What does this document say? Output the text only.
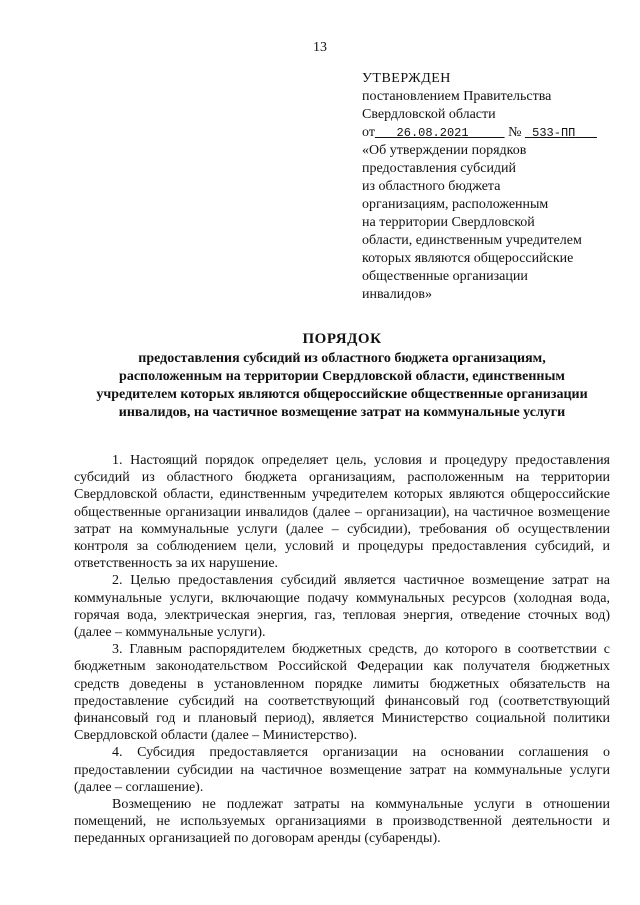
13
УТВЕРЖДЕН
постановлением Правительства
Свердловской области
от 26.08.2021	№ 533-ПП
«Об утверждении порядков
предоставления субсидий
из областного бюджета
организациям, расположенным
на территории Свердловской
области, единственным учредителем
которых являются общероссийские
общественные организации
инвалидов»
ПОРЯДОК
предоставления субсидий из областного бюджета организациям,
расположенным на территории Свердловской области, единственным
учредителем которых являются общероссийские общественные организации
инвалидов, на частичное возмещение затрат на коммунальные услуги

1. Настоящий порядок определяет цель, условия и процедуру предоставления субсидий из областного бюджета организациям, расположенным на территории Свердловской области, единственным учредителем которых являются общероссийские общественные организации инвалидов (далее – организации), на частичное возмещение затрат на коммунальные услуги (далее – субсидии), требования об осуществлении контроля за соблюдением цели, условий и процедуры предоставления субсидий, и ответственность за их нарушение.

2. Целью предоставления субсидий является частичное возмещение затрат на коммунальные услуги, включающие подачу коммунальных ресурсов (холодная вода, горячая вода, электрическая энергия, газ, тепловая энергия, отведение сточных вод) (далее – коммунальные услуги).

3. Главным распорядителем бюджетных средств, до которого в соответствии с бюджетным законодательством Российской Федерации как получателя бюджетных средств доведены в установленном порядке лимиты бюджетных обязательств на предоставление субсидий на соответствующий финансовый год (соответствующий финансовый год и плановый период), является Министерство социальной политики Свердловской области (далее – Министерство).

4. Субсидия предоставляется организации на основании соглашения о предоставлении субсидии на частичное возмещение затрат на коммунальные услуги (далее – соглашение).

Возмещению не подлежат затраты на коммунальные услуги в отношении помещений, не используемых организациями в производственной деятельности и переданных организацией по договорам аренды (субаренды).
